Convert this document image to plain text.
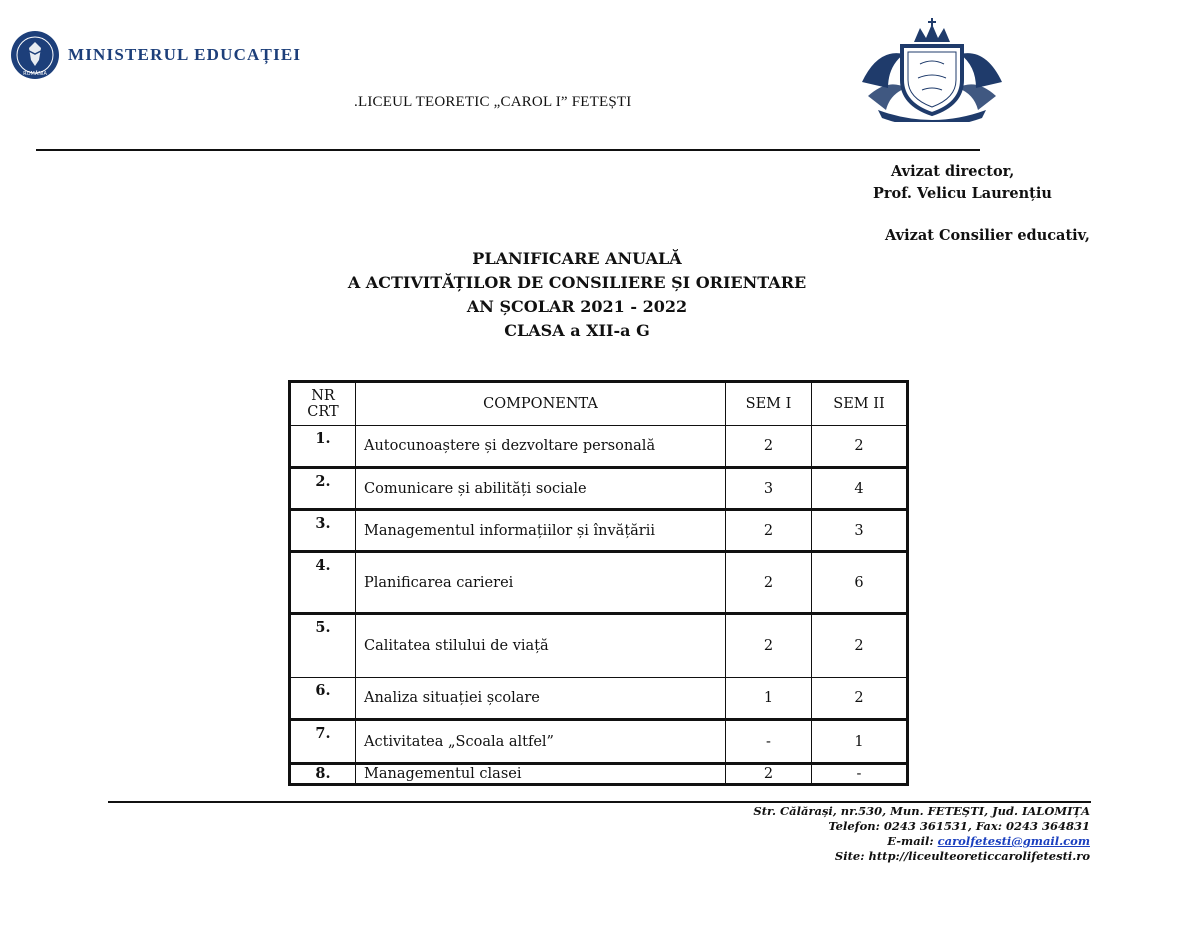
ROMÂNIA
MINISTERUL EDUCAȚIEI
.LICEUL TEORETIC „CAROL I” FETEȘTI
Avizat director,
Prof. Velicu Laurențiu
Avizat Consilier educativ,
PLANIFICARE ANUALĂ
A ACTIVITĂȚILOR DE CONSILIERE ȘI ORIENTARE
AN ȘCOLAR 2021 - 2022
CLASA a XII-a G
NR
CRT	COMPONENTA	SEM I	SEM II
1.	Autocunoaștere și dezvoltare personală	2	2
2.	Comunicare și abilități sociale	3	4
3.	Managementul informațiilor și învățării	2	3
4.	Planificarea carierei	2	6
5.	Calitatea stilului de viață	2	2
6.	Analiza situației școlare	1	2
7.	Activitatea „Scoala altfel”	-	1
8.	Managementul clasei	2	-
Str. Călărași, nr.530, Mun. FETEȘTI, Jud. IALOMIȚA
Telefon: 0243 361531, Fax: 0243 364831
E-mail: carolfetesti@gmail.com
Site: http://liceulteoreticcarolifetesti.ro
